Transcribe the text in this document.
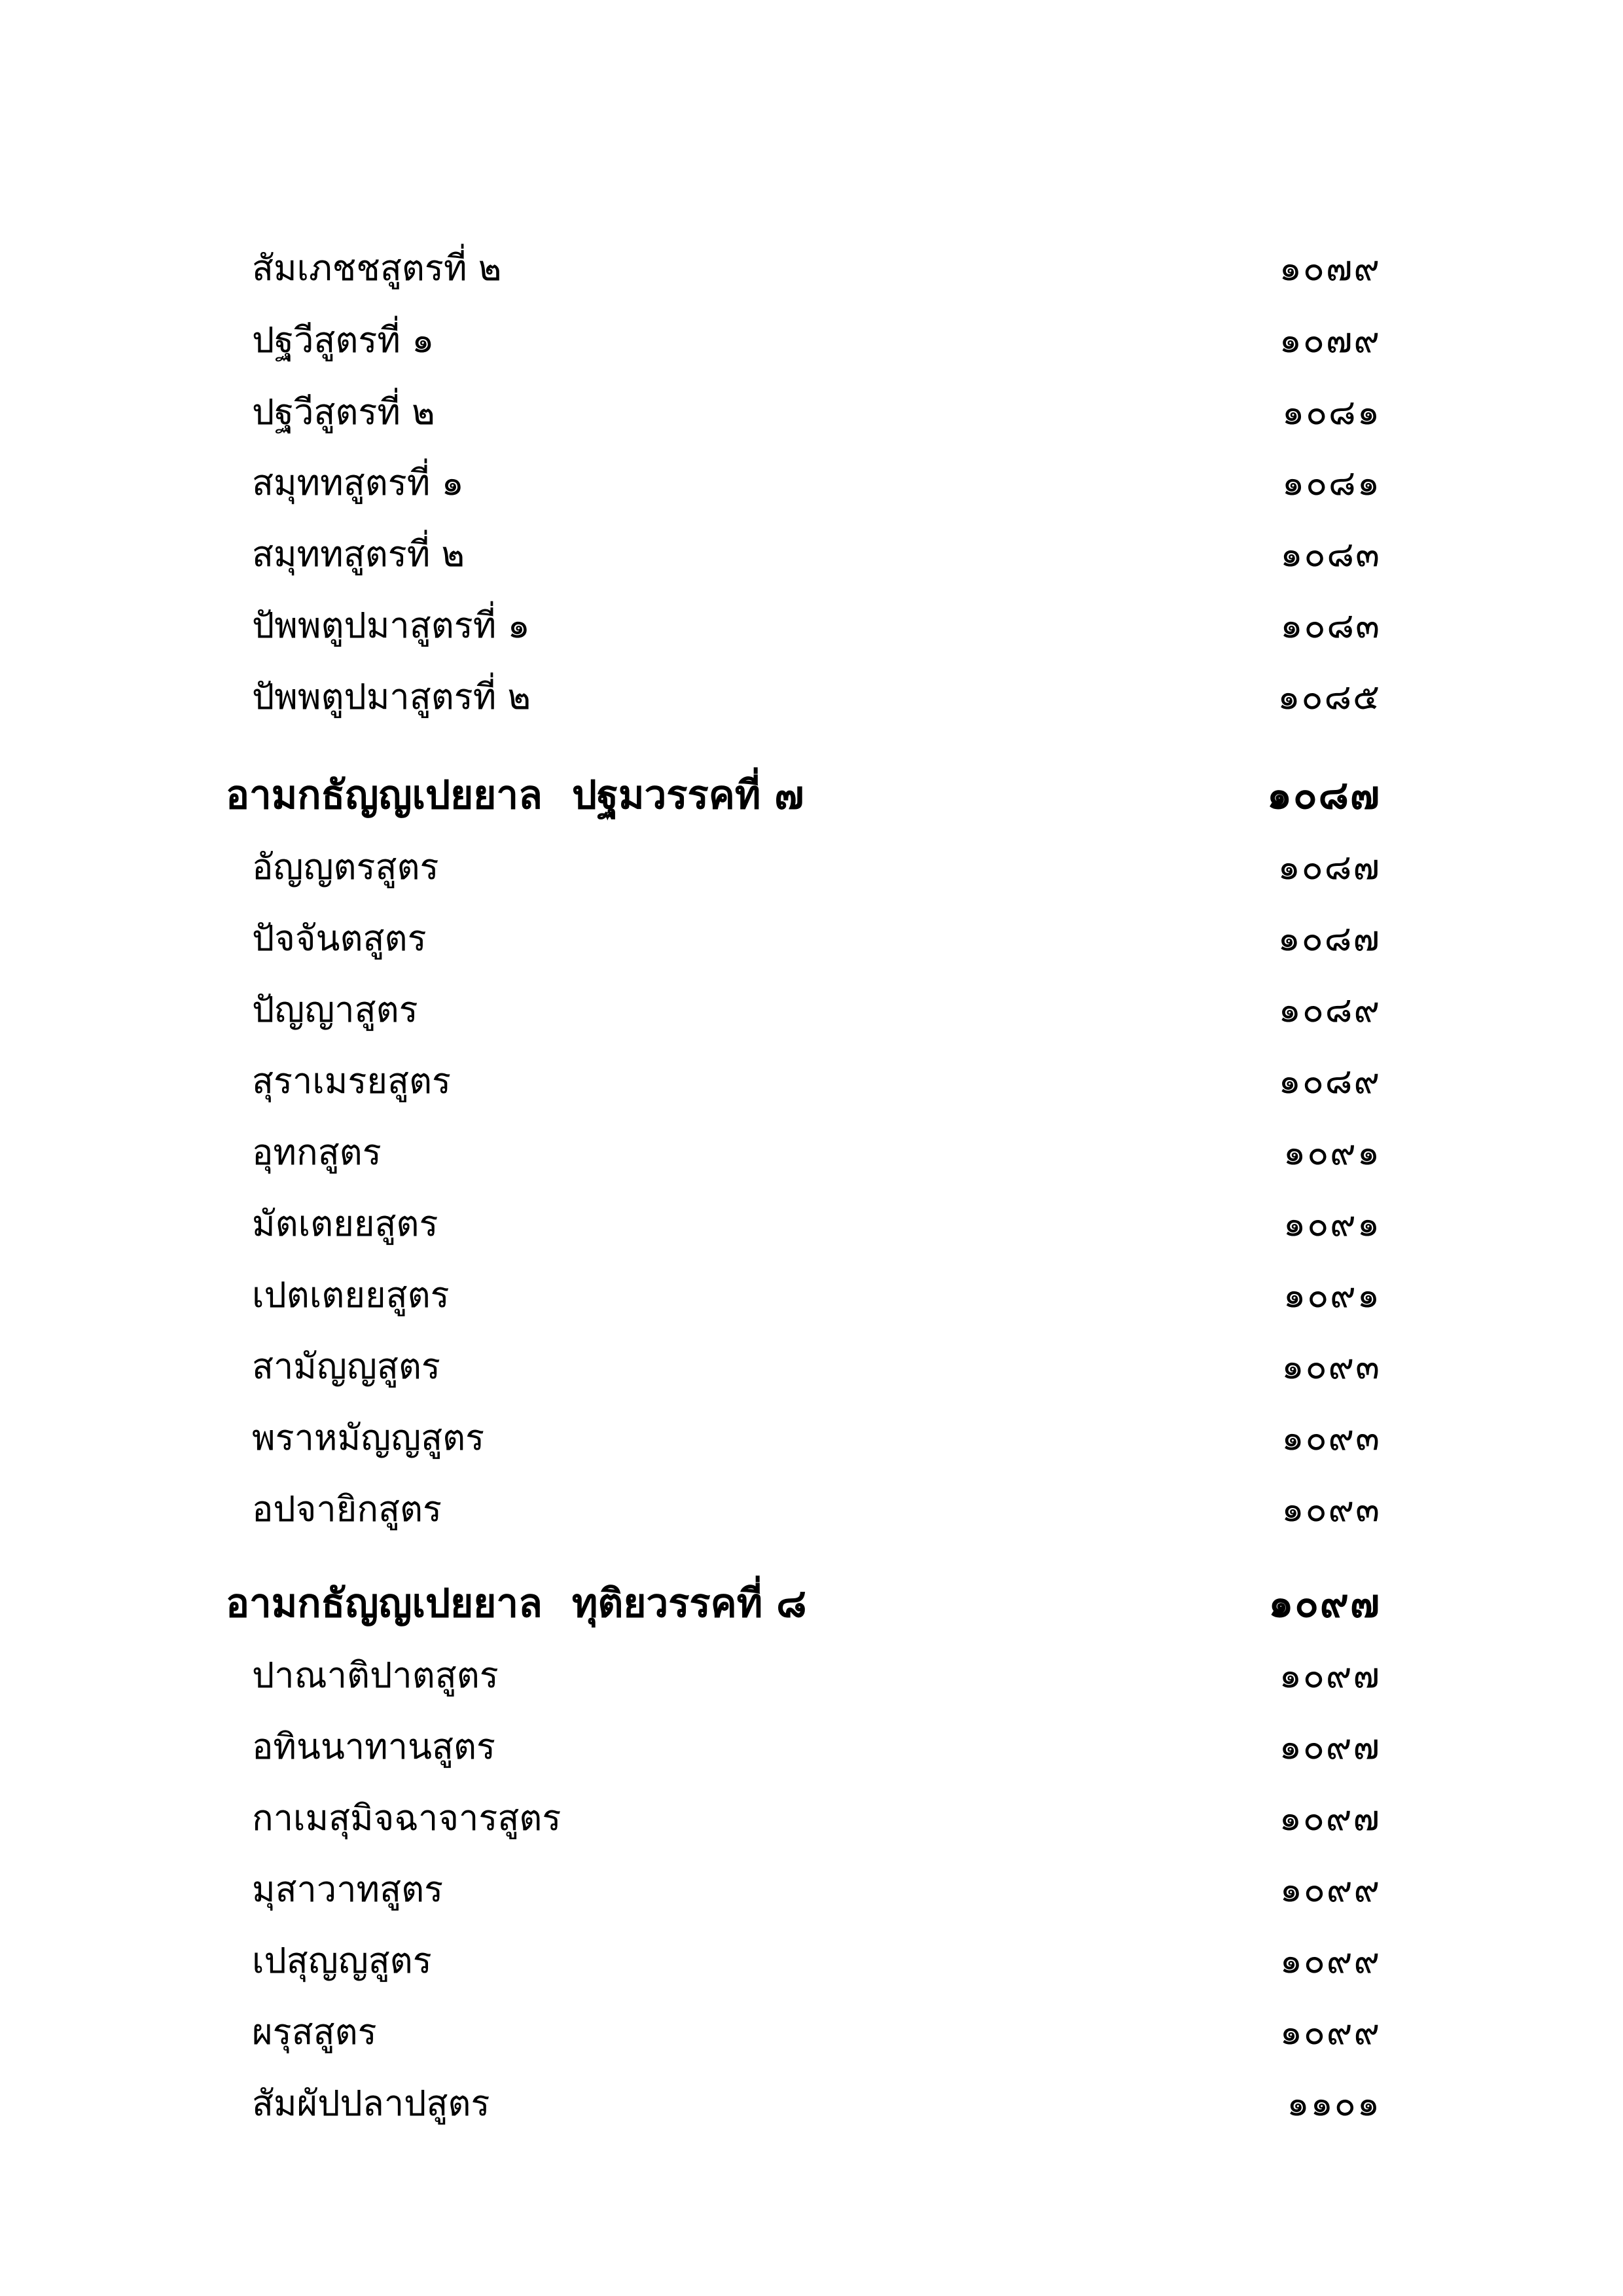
สัมเภชชสูตรที่ ๒	๑๐๗๙
ปฐวีสูตรที่ ๑	๑๐๗๙
ปฐวีสูตรที่ ๒	๑๐๘๑
สมุททสูตรที่ ๑	๑๐๘๑
สมุททสูตรที่ ๒	๑๐๘๓
ปัพพตูปมาสูตรที่ ๑	๑๐๘๓
ปัพพตูปมาสูตรที่ ๒	๑๐๘๕
อามกธัญญเปยยาล ปฐมวรรคที่ ๗	๑๐๘๗
อัญญตรสูตร	๑๐๘๗
ปัจจันตสูตร	๑๐๘๗
ปัญญาสูตร	๑๐๘๙
สุราเมรยสูตร	๑๐๘๙
อุทกสูตร	๑๐๙๑
มัตเตยยสูตร	๑๐๙๑
เปตเตยยสูตร	๑๐๙๑
สามัญญสูตร	๑๐๙๓
พราหมัญญสูตร	๑๐๙๓
อปจายิกสูตร	๑๐๙๓
อามกธัญญเปยยาล ทุติยวรรคที่ ๘	๑๐๙๗
ปาณาติปาตสูตร	๑๐๙๗
อทินนาทานสูตร	๑๐๙๗
กาเมสุมิจฉาจารสูตร	๑๐๙๗
มุสาวาทสูตร	๑๐๙๙
เปสุญญสูตร	๑๐๙๙
ผรุสสูตร	๑๐๙๙
สัมผัปปลาปสูตร	๑๑๐๑
